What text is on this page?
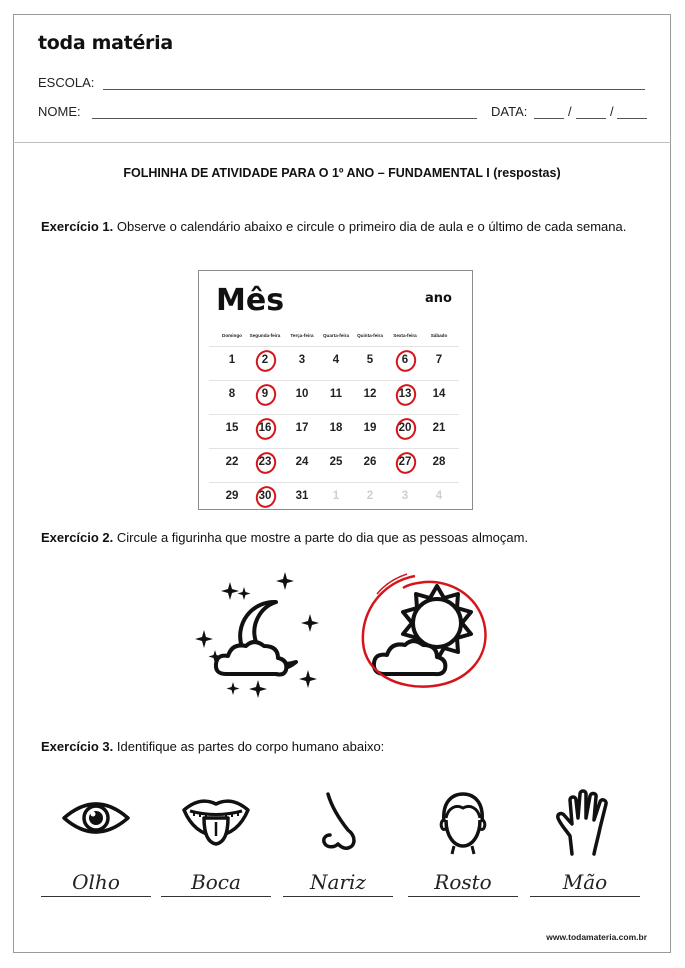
toda matéria
ESCOLA:
NOME:	DATA:	/	/
FOLHINHA DE ATIVIDADE PARA O 1º ANO – FUNDAMENTAL I (respostas)
Exercício 1. Observe o calendário abaixo e circule o primeiro dia de aula e o último de cada semana.
Mês	ano
Domingo	Segunda-feira	Terça-feira	Quarta-feira	Quinta-feira	Sexta-feira	Sábado
1	2	3	4	5	6	7
8	9	10	11	12	13	14
15	16	17	18	19	20	21
22	23	24	25	26	27	28
29	30	31	1	2	3	4
Exercício 2. Circule a figurinha que mostre a parte do dia que as pessoas almoçam.
Exercício 3. Identifique as partes do corpo humano abaixo:
Olho	Boca	Nariz	Rosto	Mão
www.todamateria.com.br
